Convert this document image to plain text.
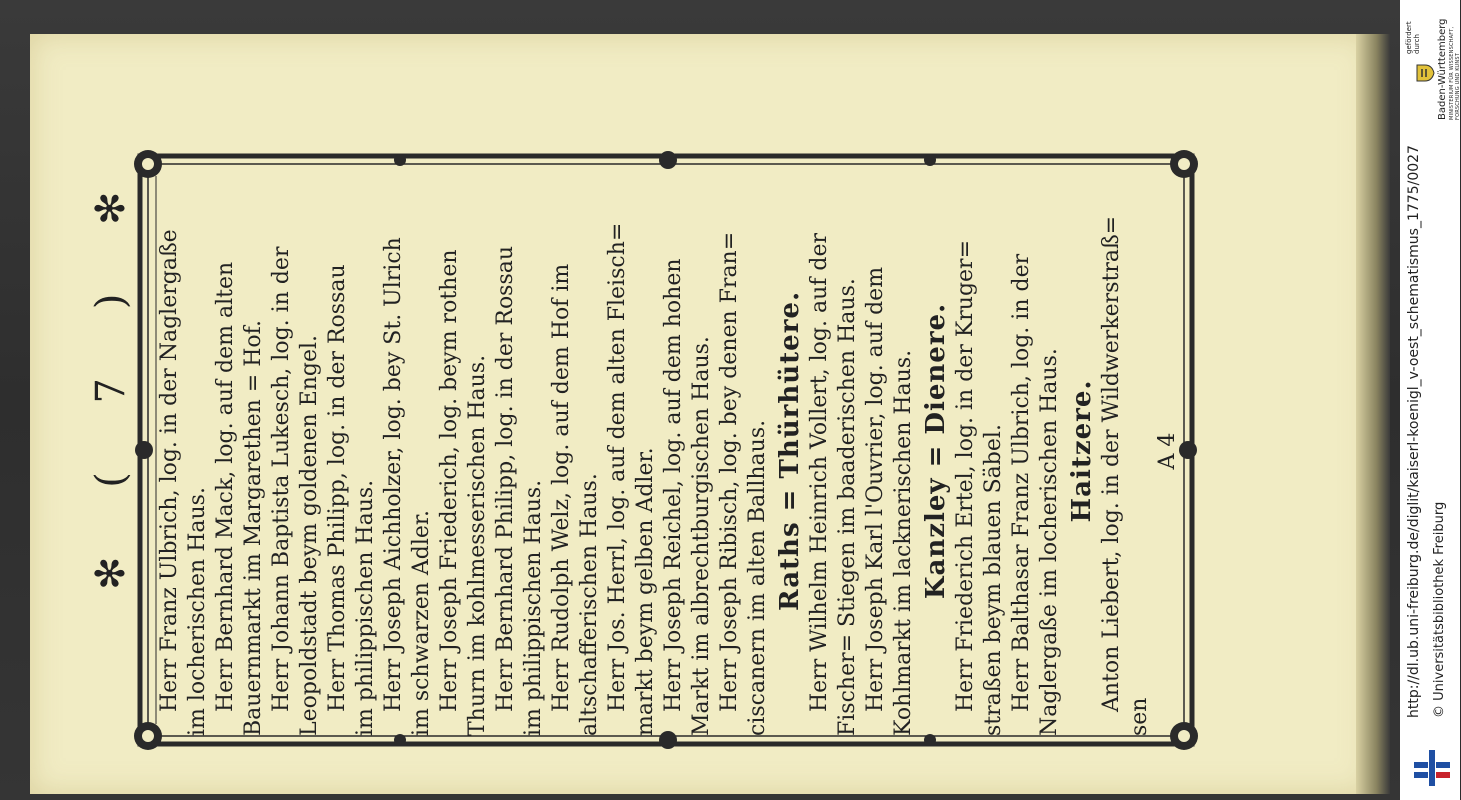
✻ ( 7 ) ✻ Herr Franz Ulbrich, log. in der Naglergaße im locherischen Haus. Herr Bernhard Mack, log. auf dem alten Bauernmarkt im Margarethen = Hof. Herr Johann Baptista Lukesch, log. in der Leopoldstadt beym goldenen Engel. Herr Thomas Philipp, log. in der Rossau im philippischen Haus. Herr Joseph Aichholzer, log. bey St. Ulrich im schwarzen Adler. Herr Joseph Friederich, log. beym rothen Thurn im kohlmesserischen Haus. Herr Bernhard Philipp, log. in der Rossau im philippischen Haus. Herr Rudolph Welz, log. auf dem Hof im altschafferischen Haus. Herr Jos. Herrl, log. auf dem alten Fleisch= markt beym gelben Adler. Herr Joseph Reichel, log. auf dem hohen Markt im albrechtburgischen Haus. Herr Joseph Ribisch, log. bey denen Fran= ciscanern im alten Ballhaus. Raths = Thürhütere. Herr Wilhelm Heinrich Vollert, log. auf der Fischer= Stiegen im baaderischen Haus. Herr Joseph Karl l'Ouvrier, log. auf dem Kohlmarkt im lacknerischen Haus. Kanzley = Dienere. Herr Friederich Ertel, log. in der Kruger= straßen beym blauen Säbel. Herr Balthasar Franz Ulbrich, log. in der Naglergaße im locherischen Haus. Haitzere. Anton Liebert, log. in der Wildwerkerstraß=
sen

A 4	http://dl.ub.uni-freiburg.de/diglit/kaiserl-koenigl_v-oest_schematismus_1775/0027 © Universitätsbibliothek Freiburg
gefördert durch Baden-Württemberg MINISTERIUM FÜR WISSENSCHAFT, FORSCHUNG UND KUNST
